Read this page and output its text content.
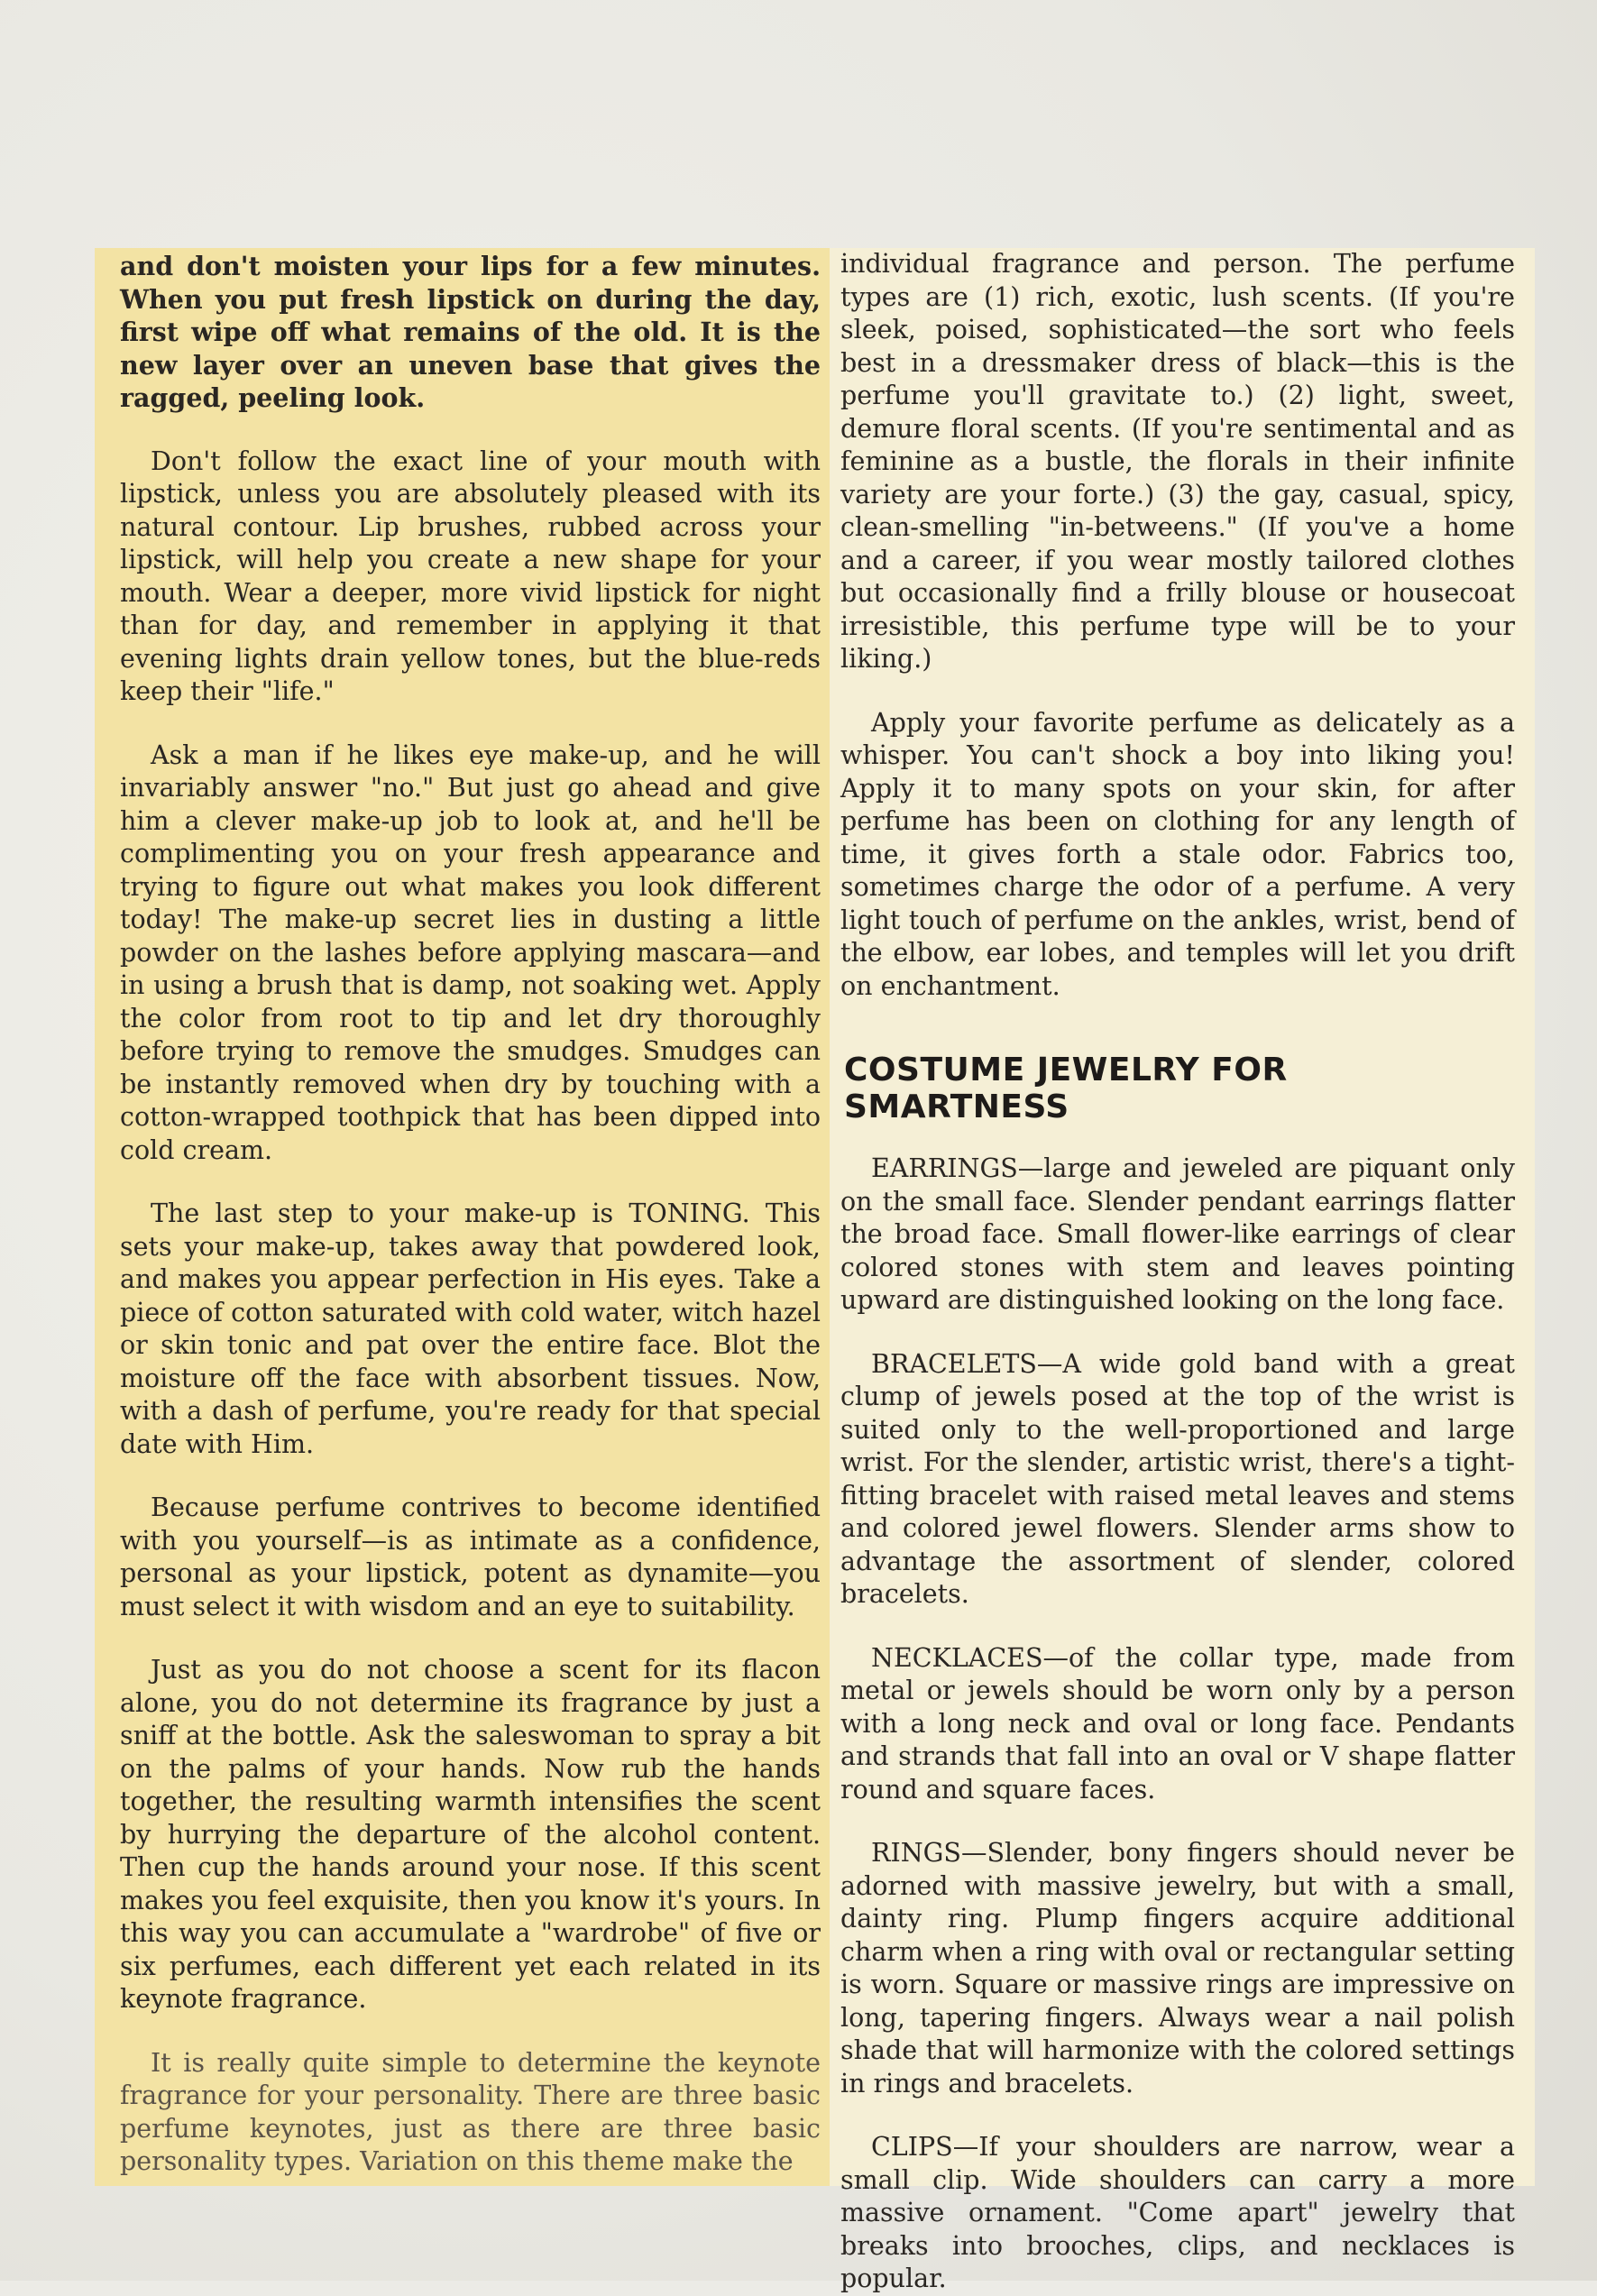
and don't moisten your lips for a few minutes. When you put fresh lipstick on during the day, first wipe off what remains of the old. It is the new layer over an uneven base that gives the ragged, peeling look.

Don't follow the exact line of your mouth with lipstick, unless you are absolutely pleased with its natural contour. Lip brushes, rubbed across your lipstick, will help you create a new shape for your mouth. Wear a deeper, more vivid lipstick for night than for day, and remember in applying it that evening lights drain yellow tones, but the blue-reds keep their "life."

Ask a man if he likes eye make-up, and he will invariably answer "no." But just go ahead and give him a clever make-up job to look at, and he'll be complimenting you on your fresh appearance and trying to figure out what makes you look different today! The make-up secret lies in dusting a little powder on the lashes before applying mascara—and in using a brush that is damp, not soaking wet. Apply the color from root to tip and let dry thoroughly before trying to remove the smudges. Smudges can be instantly removed when dry by touching with a cotton-wrapped toothpick that has been dipped into cold cream.

The last step to your make-up is TONING. This sets your make-up, takes away that powdered look, and makes you appear perfection in His eyes. Take a piece of cotton saturated with cold water, witch hazel or skin tonic and pat over the entire face. Blot the moisture off the face with absorbent tissues. Now, with a dash of perfume, you're ready for that special date with Him.

Because perfume contrives to become identified with you yourself—is as intimate as a confidence, personal as your lipstick, potent as dynamite—you must select it with wisdom and an eye to suitability.

Just as you do not choose a scent for its flacon alone, you do not determine its fragrance by just a sniff at the bottle. Ask the saleswoman to spray a bit on the palms of your hands. Now rub the hands together, the resulting warmth intensifies the scent by hurrying the departure of the alcohol content. Then cup the hands around your nose. If this scent makes you feel exquisite, then you know it's yours. In this way you can accumulate a "wardrobe" of five or six perfumes, each different yet each related in its keynote fragrance.

It is really quite simple to determine the keynote fragrance for your personality. There are three basic perfume keynotes, just as there are three basic personality types. Variation on this theme make the

individual fragrance and person. The perfume types are (1) rich, exotic, lush scents. (If you're sleek, poised, sophisticated—the sort who feels best in a dressmaker dress of black—this is the perfume you'll gravitate to.) (2) light, sweet, demure floral scents. (If you're sentimental and as feminine as a bustle, the florals in their infinite variety are your forte.) (3) the gay, casual, spicy, clean-smelling "in-betweens." (If you've a home and a career, if you wear mostly tailored clothes but occasionally find a frilly blouse or housecoat irresistible, this perfume type will be to your liking.)

Apply your favorite perfume as delicately as a whisper. You can't shock a boy into liking you! Apply it to many spots on your skin, for after perfume has been on clothing for any length of time, it gives forth a stale odor. Fabrics too, sometimes charge the odor of a perfume. A very light touch of perfume on the ankles, wrist, bend of the elbow, ear lobes, and temples will let you drift on enchantment.

COSTUME JEWELRY FOR SMARTNESS

EARRINGS—large and jeweled are piquant only on the small face. Slender pendant earrings flatter the broad face. Small flower-like earrings of clear colored stones with stem and leaves pointing upward are distinguished looking on the long face.

BRACELETS—A wide gold band with a great clump of jewels posed at the top of the wrist is suited only to the well-proportioned and large wrist. For the slender, artistic wrist, there's a tight-fitting bracelet with raised metal leaves and stems and colored jewel flowers. Slender arms show to advantage the assortment of slender, colored bracelets.

NECKLACES—of the collar type, made from metal or jewels should be worn only by a person with a long neck and oval or long face. Pendants and strands that fall into an oval or V shape flatter round and square faces.

RINGS—Slender, bony fingers should never be adorned with massive jewelry, but with a small, dainty ring. Plump fingers acquire additional charm when a ring with oval or rectangular setting is worn. Square or massive rings are impressive on long, tapering fingers. Always wear a nail polish shade that will harmonize with the colored settings in rings and bracelets.

CLIPS—If your shoulders are narrow, wear a small clip. Wide shoulders can carry a more massive ornament. "Come apart" jewelry that breaks into brooches, clips, and necklaces is popular.
